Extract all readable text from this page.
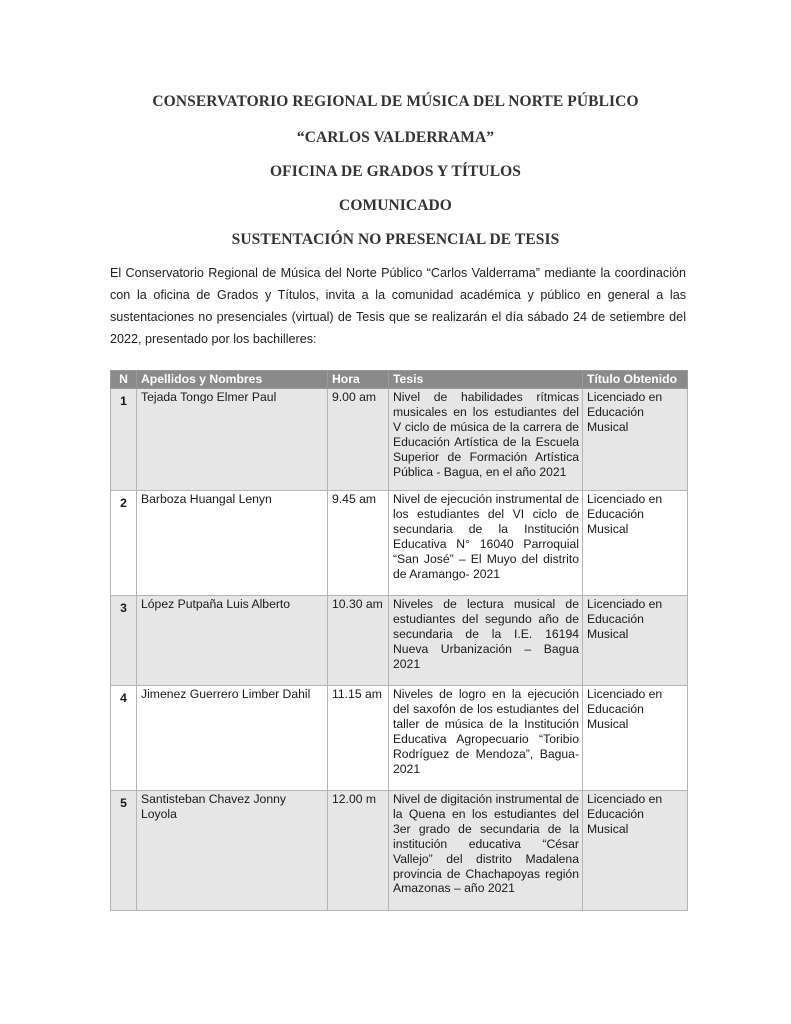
CONSERVATORIO REGIONAL DE MÚSICA DEL NORTE PÚBLICO
“CARLOS VALDERRAMA”
OFICINA DE GRADOS Y TÍTULOS
COMUNICADO
SUSTENTACIÓN NO PRESENCIAL DE TESIS
El Conservatorio Regional de Música del Norte Público “Carlos Valderrama” mediante la coordinación con la oficina de Grados y Títulos, invita a la comunidad académica y público en general a las sustentaciones no presenciales (virtual) de Tesis que se realizarán el día sábado 24 de setiembre del 2022, presentado por los bachilleres:
N	Apellidos y Nombres	Hora	Tesis	Título Obtenido
1	Tejada Tongo Elmer Paul	9.00 am	Nivel de habilidades rítmicas musicales en los estudiantes del V ciclo de música de la carrera de Educación Artística de la Escuela Superior de Formación Artística Pública - Bagua, en el año 2021	Licenciado en Educación Musical
2	Barboza Huangal Lenyn	9.45 am	Nivel de ejecución instrumental de los estudiantes del VI ciclo de secundaria de la Institución Educativa N° 16040 Parroquial “San José” – El Muyo del distrito de Aramango- 2021	Licenciado en Educación Musical
3	López Putpaña Luis Alberto	10.30 am	Niveles de lectura musical de estudiantes del segundo año de secundaria de la I.E. 16194 Nueva Urbanización – Bagua 2021	Licenciado en Educación Musical
4	Jimenez Guerrero Limber Dahil	11.15 am	Niveles de logro en la ejecución del saxofón de los estudiantes del taller de música de la Institución Educativa Agropecuario “Toribio Rodríguez de Mendoza”, Bagua-2021	Licenciado en Educación Musical
5	Santisteban Chavez Jonny Loyola	12.00 m	Nivel de digitación instrumental de la Quena en los estudiantes del 3er grado de secundaria de la institución educativa “César Vallejo” del distrito Madalena provincia de Chachapoyas región Amazonas – año 2021	Licenciado en Educación Musical
